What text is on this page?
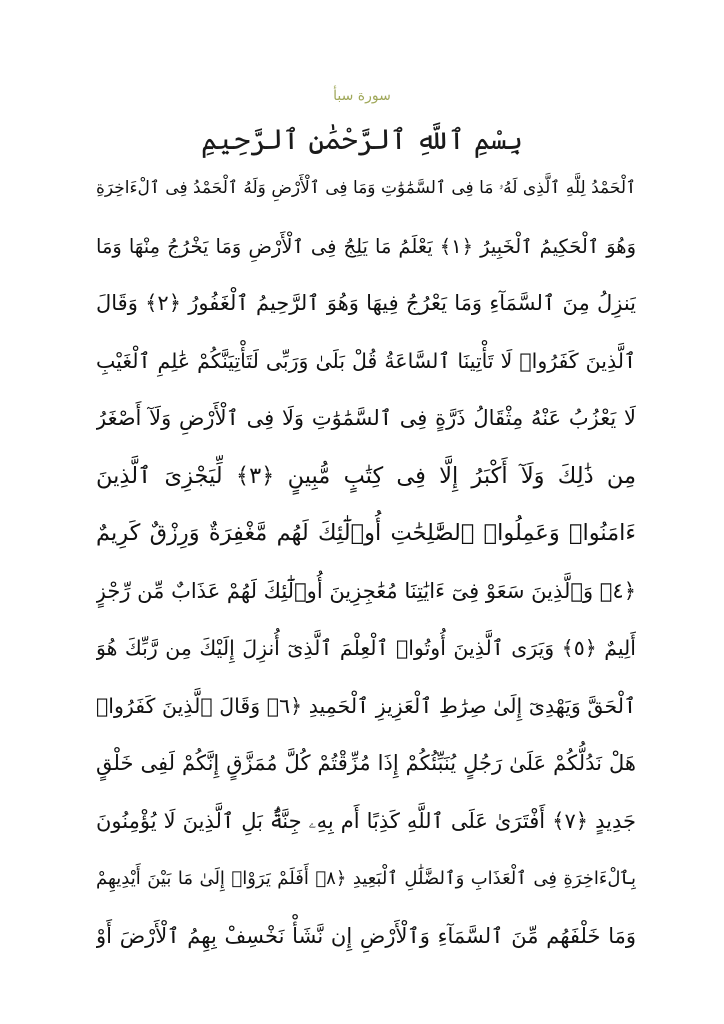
سورة سبأ
بِسْمِ ٱللَّهِ ٱلرَّحْمَٰنِ ٱلرَّحِيمِ
ٱلْحَمْدُ لِلَّهِ ٱلَّذِى لَهُۥ مَا فِى ٱلسَّمَٰوَٰتِ وَمَا فِى ٱلْأَرْضِ وَلَهُ ٱلْحَمْدُ فِى ٱلْءَاخِرَةِ
وَهُوَ ٱلْحَكِيمُ ٱلْخَبِيرُ ﴿١﴾ يَعْلَمُ مَا يَلِجُ فِى ٱلْأَرْضِ وَمَا يَخْرُجُ مِنْهَا وَمَا
يَنزِلُ مِنَ ٱلسَّمَآءِ وَمَا يَعْرُجُ فِيهَا وَهُوَ ٱلرَّحِيمُ ٱلْغَفُورُ ﴿٢﴾ وَقَالَ
ٱلَّذِينَ كَفَرُوا۟ لَا تَأْتِينَا ٱلسَّاعَةُ قُلْ بَلَىٰ وَرَبِّى لَتَأْتِيَنَّكُمْ عَٰلِمِ ٱلْغَيْبِ
لَا يَعْزُبُ عَنْهُ مِثْقَالُ ذَرَّةٍ فِى ٱلسَّمَٰوَٰتِ وَلَا فِى ٱلْأَرْضِ وَلَآ أَصْغَرُ
مِن ذَٰلِكَ وَلَآ أَكْبَرُ إِلَّا فِى كِتَٰبٍ مُّبِينٍ ﴿٣﴾ لِّيَجْزِىَ ٱلَّذِينَ
ءَامَنُوا۟ وَعَمِلُوا۟ ٱلصَّٰلِحَٰتِ أُو۟لَٰٓئِكَ لَهُم مَّغْفِرَةٌ وَرِزْقٌ كَرِيمٌ
﴿٤﴾ وَٱلَّذِينَ سَعَوْ فِىٓ ءَايَٰتِنَا مُعَٰجِزِينَ أُو۟لَٰٓئِكَ لَهُمْ عَذَابٌ مِّن رِّجْزٍ
أَلِيمٌ ﴿٥﴾ وَيَرَى ٱلَّذِينَ أُوتُوا۟ ٱلْعِلْمَ ٱلَّذِىٓ أُنزِلَ إِلَيْكَ مِن رَّبِّكَ هُوَ
ٱلْحَقَّ وَيَهْدِىٓ إِلَىٰ صِرَٰطِ ٱلْعَزِيزِ ٱلْحَمِيدِ ﴿٦﴾ وَقَالَ ٱلَّذِينَ كَفَرُوا۟
هَلْ نَدُلُّكُمْ عَلَىٰ رَجُلٍ يُنَبِّئُكُمْ إِذَا مُزِّقْتُمْ كُلَّ مُمَزَّقٍ إِنَّكُمْ لَفِى خَلْقٍ
جَدِيدٍ ﴿٧﴾ أَفْتَرَىٰ عَلَى ٱللَّهِ كَذِبًا أَم بِهِۦ جِنَّةٌۢ بَلِ ٱلَّذِينَ لَا يُؤْمِنُونَ
بِٱلْءَاخِرَةِ فِى ٱلْعَذَابِ وَٱلضَّلَٰلِ ٱلْبَعِيدِ ﴿٨﴾ أَفَلَمْ يَرَوْا۟ إِلَىٰ مَا بَيْنَ أَيْدِيهِمْ
وَمَا خَلْفَهُم مِّنَ ٱلسَّمَآءِ وَٱلْأَرْضِ إِن نَّشَأْ نَخْسِفْ بِهِمُ ٱلْأَرْضَ أَوْ
